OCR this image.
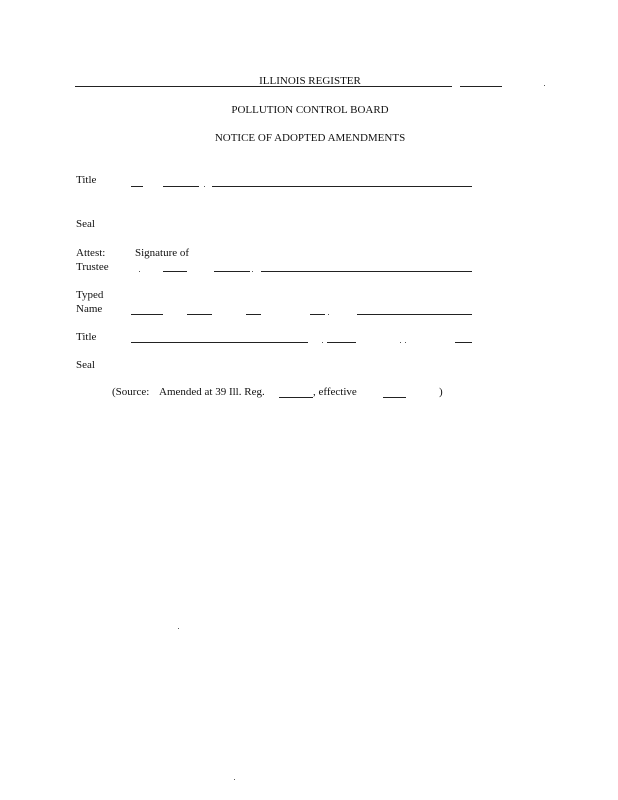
ILLINOIS REGISTER
POLLUTION CONTROL BOARD
NOTICE OF ADOPTED AMENDMENTS
Title
Seal
Attest:	Signature of
Trustee
Typed
Name
Title
Seal
(Source: Amended at 39 Ill. Reg.	, effective	)
